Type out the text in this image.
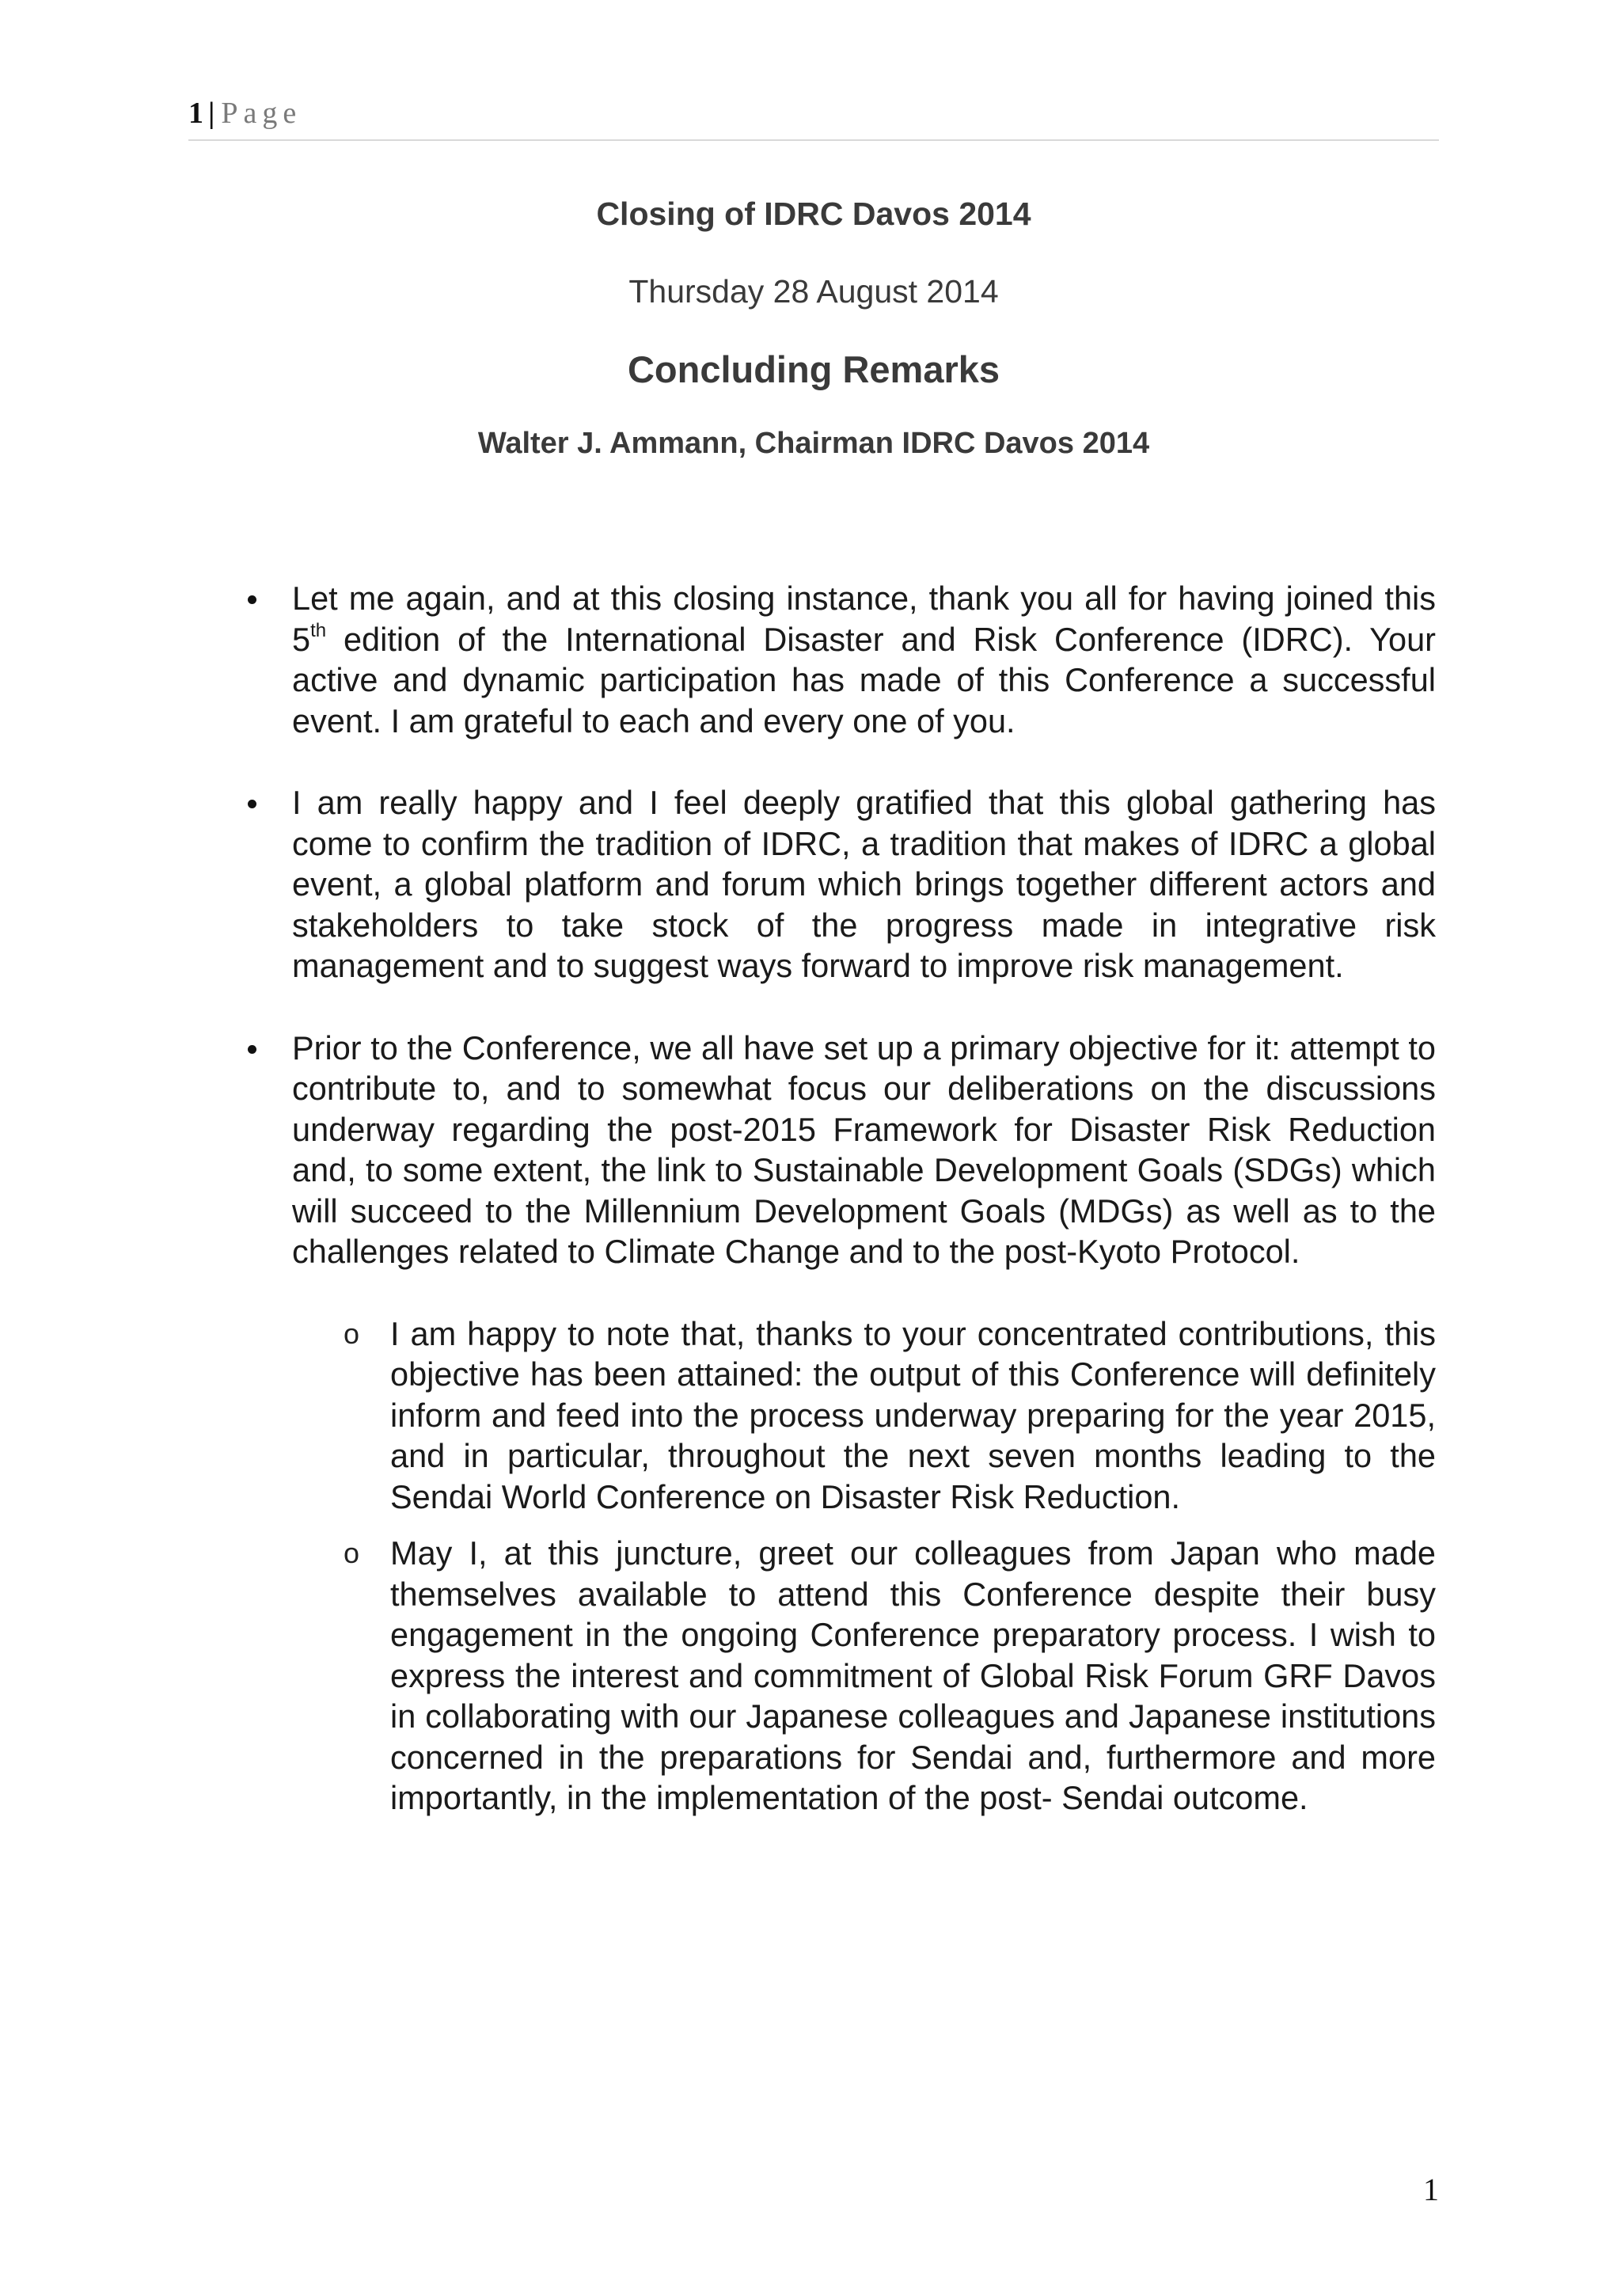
1 | Page
Closing of IDRC Davos 2014
Thursday 28 August 2014
Concluding Remarks
Walter J. Ammann, Chairman IDRC Davos 2014
Let me again, and at this closing instance, thank you all for having joined this 5th edition of the International Disaster and Risk Conference (IDRC). Your active and dynamic participation has made of this Conference a successful event. I am grateful to each and every one of you.
I am really happy and I feel deeply gratified that this global gathering has come to confirm the tradition of IDRC, a tradition that makes of IDRC a global event, a global platform and forum which brings together different actors and stakeholders to take stock of the progress made in integrative risk management and to suggest ways forward to improve risk management.
Prior to the Conference, we all have set up a primary objective for it: attempt to contribute to, and to somewhat focus our deliberations on the discussions underway regarding the post-2015 Framework for Disaster Risk Reduction and, to some extent, the link to Sustainable Development Goals (SDGs) which will succeed to the Millennium Development Goals (MDGs) as well as to the challenges related to Climate Change and to the post-Kyoto Protocol.
o I am happy to note that, thanks to your concentrated contributions, this objective has been attained: the output of this Conference will definitely inform and feed into the process underway preparing for the year 2015, and in particular, throughout the next seven months leading to the Sendai World Conference on Disaster Risk Reduction.
o May I, at this juncture, greet our colleagues from Japan who made themselves available to attend this Conference despite their busy engagement in the ongoing Conference preparatory process. I wish to express the interest and commitment of Global Risk Forum GRF Davos in collaborating with our Japanese colleagues and Japanese institutions concerned in the preparations for Sendai and, furthermore and more importantly, in the implementation of the post- Sendai outcome.
1
